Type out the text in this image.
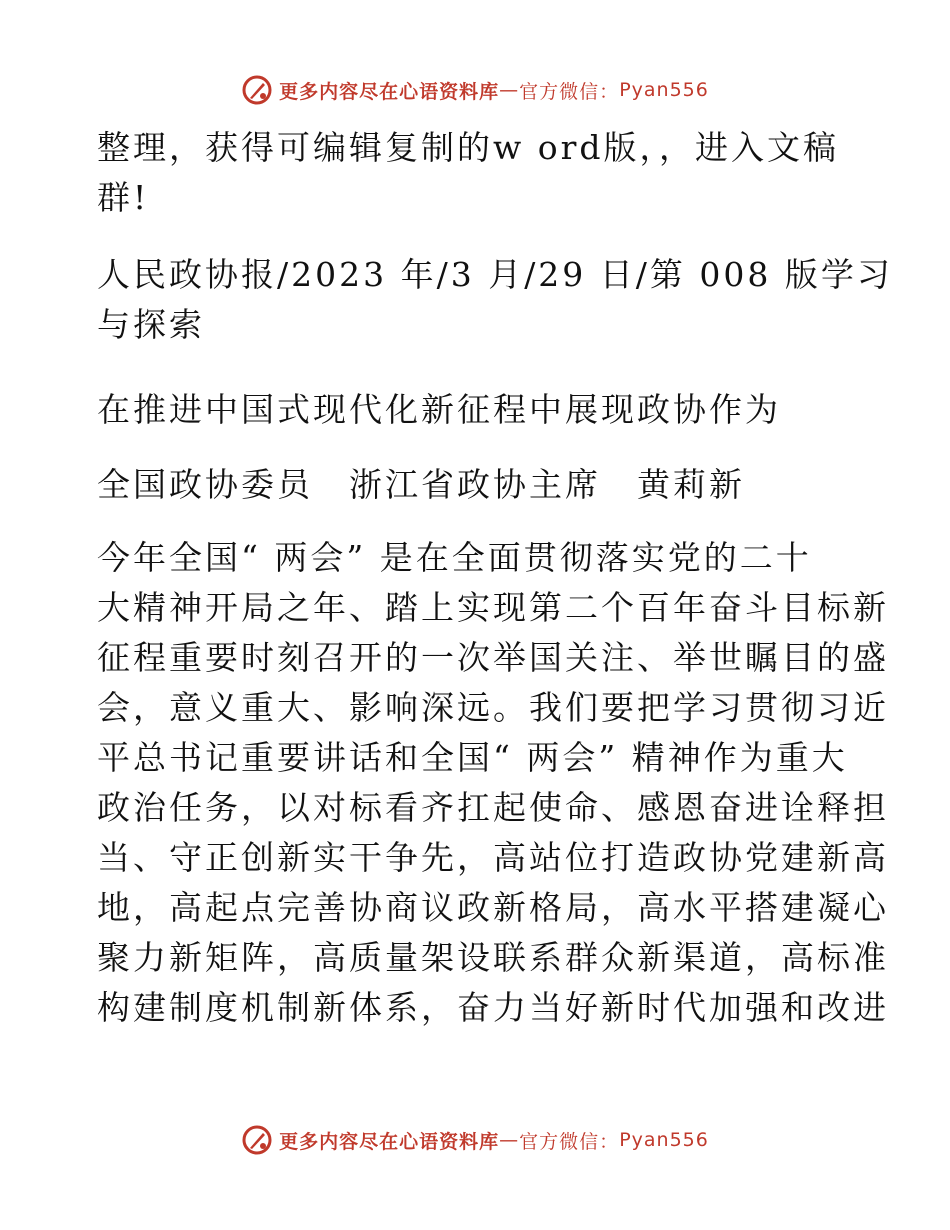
更多内容尽在心语资料库 — 官方微信： Pyan556

整理，获得可编辑复制的w ord版，，进入文稿
群!

人民政协报/2023 年/3 月/29 日/第 008 版学习
与探索

在推进中国式现代化新征程中展现政协作为
全国政协委员　浙江省政协主席　黄莉新

今年全国“ 两会” 是在全面贯彻落实党的二十
大精神开局之年、踏上实现第二个百年奋斗目标新
征程重要时刻召开的一次举国关注、举世瞩目的盛
会，意义重大、影响深远。我们要把学习贯彻习近
平总书记重要讲话和全国“ 两会” 精神作为重大
政治任务，以对标看齐扛起使命、感恩奋进诠释担
当、守正创新实干争先，高站位打造政协党建新高
地，高起点完善协商议政新格局，高水平搭建凝心
聚力新矩阵，高质量架设联系群众新渠道，高标准
构建制度机制新体系，奋力当好新时代加强和改进

更多内容尽在心语资料库 — 官方微信： Pyan556
